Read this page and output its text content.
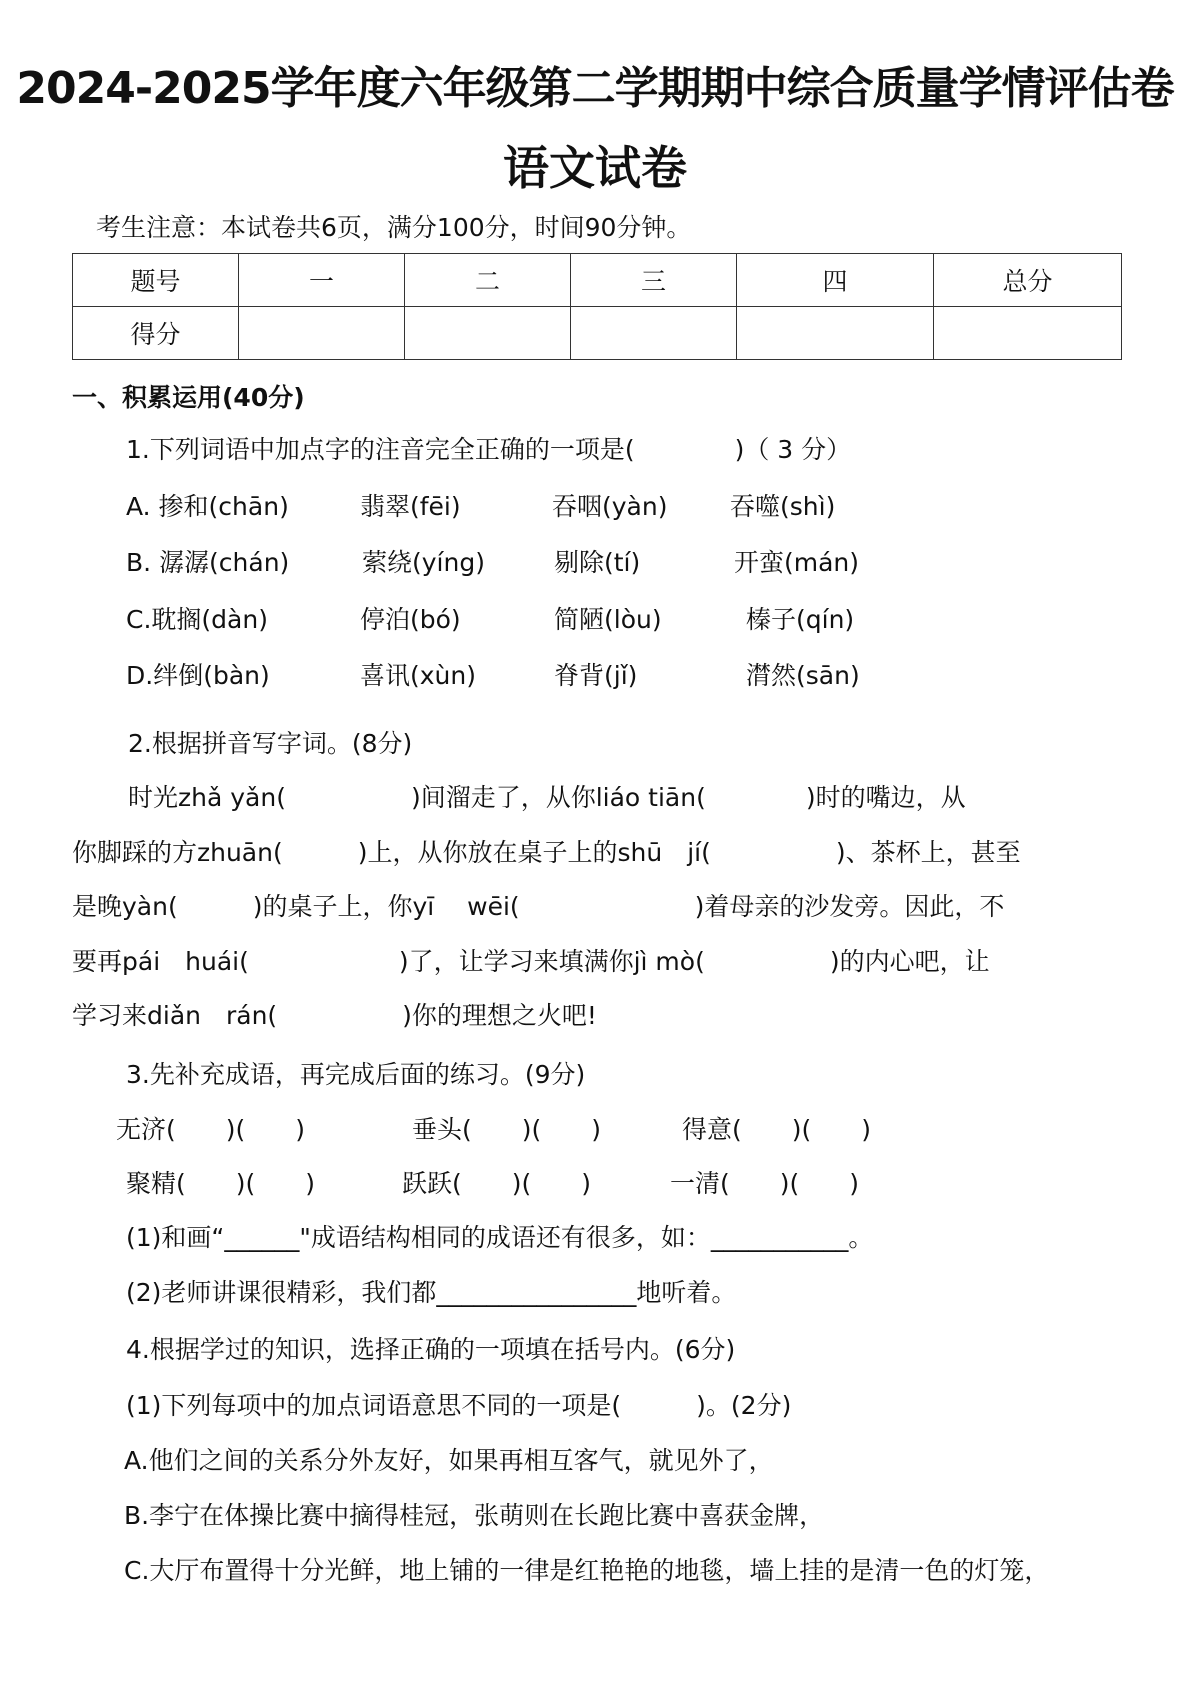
2024-2025学年度六年级第二学期期中综合质量学情评估卷
语文试卷
考生注意：本试卷共6页，满分100分，时间90分钟。
题号	一	二	三	四	总分
得分					
一、积累运用(40分)
1.下列词语中加点字的注音完全正确的一项是(　　　　)（ 3 分）
A. 掺和(chān)	翡翠(fēi)	吞咽(yàn)	吞噬(shì)
B. 潺潺(chán)	萦绕(yíng)	剔除(tí)	开蛮(mán)
C.耽搁(dàn)	停泊(bó)	简陋(lòu)	榛子(qín)
D.绊倒(bàn)	喜讯(xùn)	脊背(jǐ)	潸然(sān)
2.根据拼音写字词。(8分)
时光zhǎ yǎn(　　　　　)间溜走了，从你liáo tiān(　　　　)时的嘴边，从
你脚踩的方zhuān(　　　)上，从你放在桌子上的shū　jí(　　　　　)、茶杯上，甚至
是晚yàn(　　　)的桌子上，你yī　 wēi(　　　　　　　)着母亲的沙发旁。因此，不
要再pái　huái(　　　　　　)了，让学习来填满你jì mò(　　　　　)的内心吧，让
学习来diǎn　rán(　　　　　)你的理想之火吧!
3.先补充成语，再完成后面的练习。(9分)
无济(　　)(　　)	垂头(　　)(　　)	得意(　　)(　　)
聚精(　　)(　　)	跃跃(　　)(　　)	一清(　　)(　　)
(1)和画“______"成语结构相同的成语还有很多，如：___________。
(2)老师讲课很精彩，我们都________________地听着。
4.根据学过的知识，选择正确的一项填在括号内。(6分)
(1)下列每项中的加点词语意思不同的一项是(　　　)。(2分)
A.他们之间的关系分外友好，如果再相互客气，就见外了，
B.李宁在体操比赛中摘得桂冠，张萌则在长跑比赛中喜获金牌，
C.大厅布置得十分光鲜，地上铺的一律是红艳艳的地毯，墙上挂的是清一色的灯笼，
